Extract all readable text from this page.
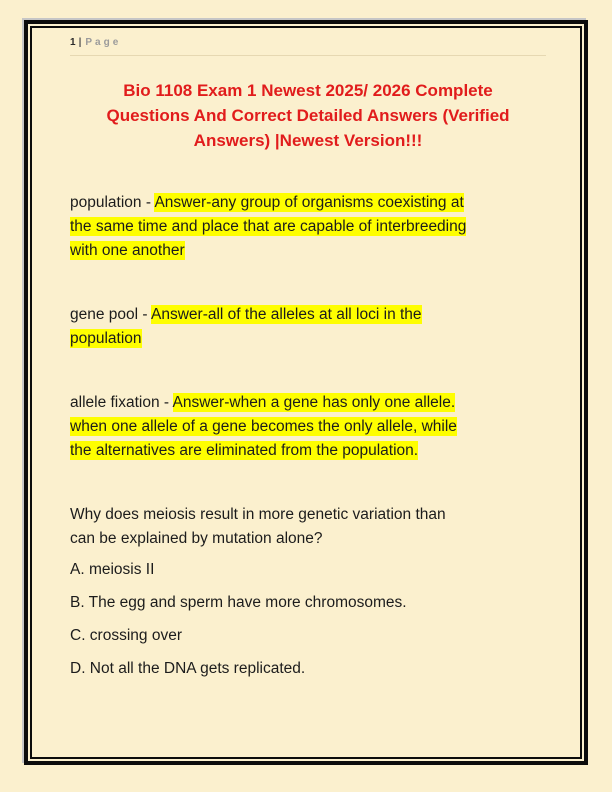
1 | Page
Bio 1108 Exam 1 Newest 2025/ 2026 Complete
Questions And Correct Detailed Answers (Verified
Answers) |Newest Version!!!
population - Answer-any group of organisms coexisting at
the same time and place that are capable of interbreeding
with one another
gene pool - Answer-all of the alleles at all loci in the
population
allele fixation - Answer-when a gene has only one allele.
when one allele of a gene becomes the only allele, while
the alternatives are eliminated from the population.
Why does meiosis result in more genetic variation than
can be explained by mutation alone?
A. meiosis II
B. The egg and sperm have more chromosomes.
C. crossing over
D. Not all the DNA gets replicated.
